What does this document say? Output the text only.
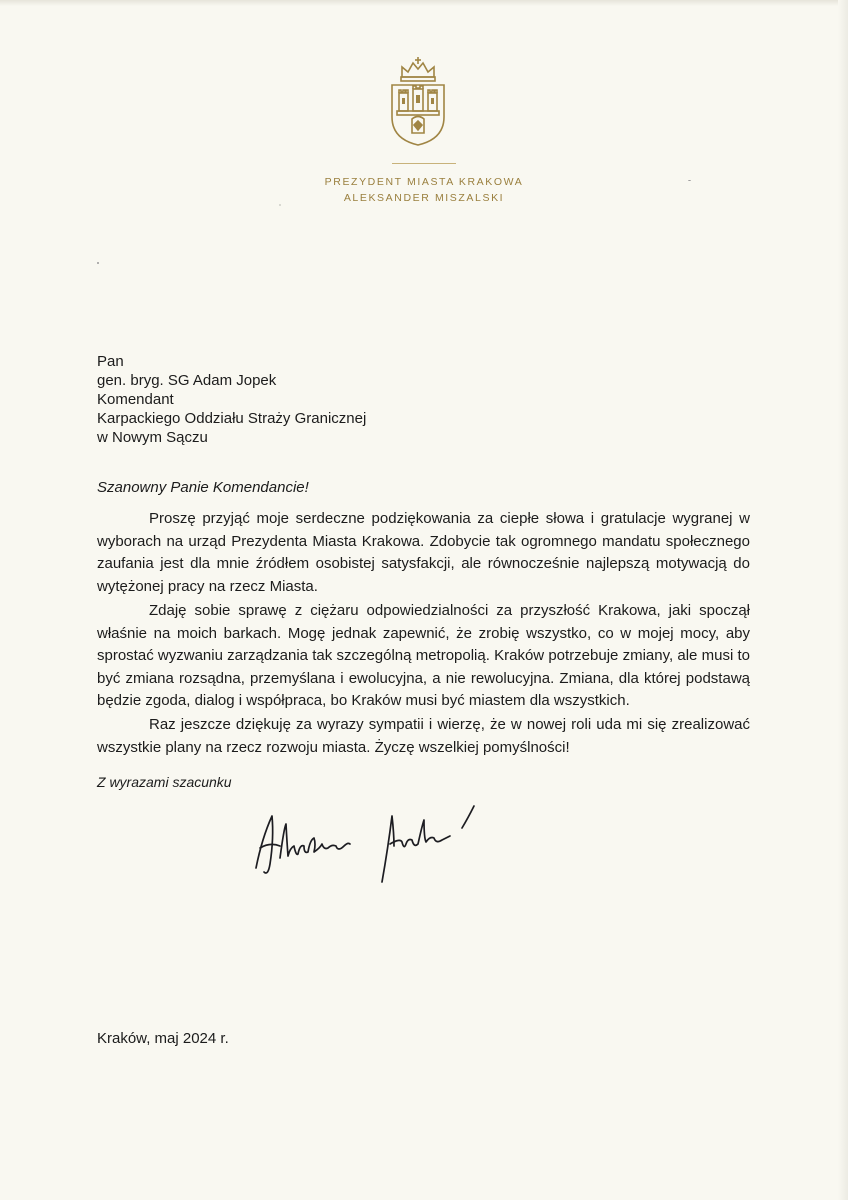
PREZYDENT MIASTA KRAKOWA
ALEKSANDER MISZALSKI
Pan
gen. bryg. SG Adam Jopek
Komendant
Karpackiego Oddziału Straży Granicznej
w Nowym Sączu
Szanowny Panie Komendancie!

Proszę przyjąć moje serdeczne podziękowania za ciepłe słowa i gratulacje wygranej w wyborach na urząd Prezydenta Miasta Krakowa. Zdobycie tak ogromnego mandatu społecznego zaufania jest dla mnie źródłem osobistej satysfakcji, ale równocześnie najlepszą motywacją do wytężonej pracy na rzecz Miasta.

Zdaję sobie sprawę z ciężaru odpowiedzialności za przyszłość Krakowa, jaki spoczął właśnie na moich barkach. Mogę jednak zapewnić, że zrobię wszystko, co w mojej mocy, aby sprostać wyzwaniu zarządzania tak szczególną metropolią. Kraków potrzebuje zmiany, ale musi to być zmiana rozsądna, przemyślana i ewolucyjna, a nie rewolucyjna. Zmiana, dla której podstawą będzie zgoda, dialog i współpraca, bo Kraków musi być miastem dla wszystkich.

Raz jeszcze dziękuję za wyrazy sympatii i wierzę, że w nowej roli uda mi się zrealizować wszystkie plany na rzecz rozwoju miasta. Życzę wszelkiej pomyślności!

Z wyrazami szacunku
Kraków, maj 2024 r.
